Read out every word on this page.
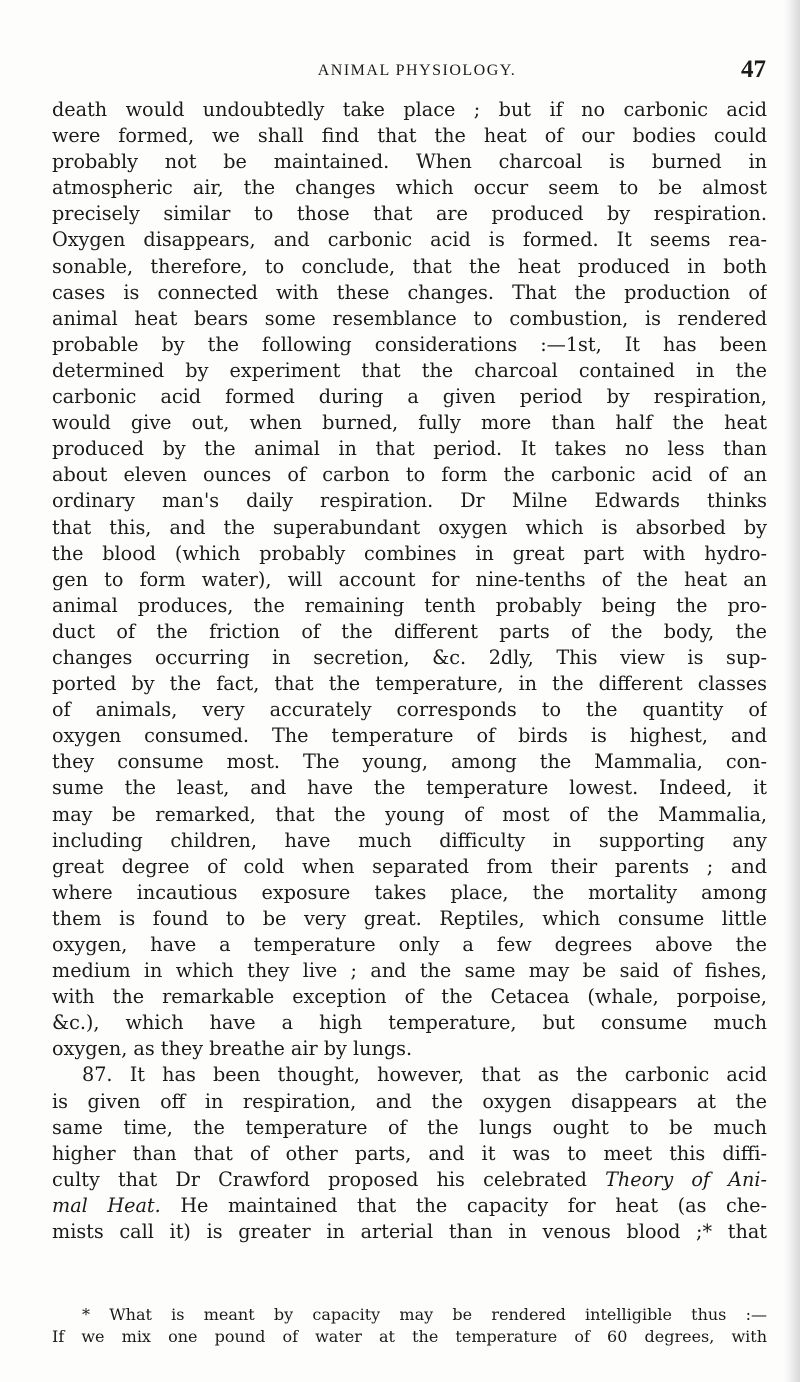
ANIMAL PHYSIOLOGY.	47
death would undoubtedly take place ; but if no carbonic acid
were formed, we shall find that the heat of our bodies could
probably not be maintained. When charcoal is burned in
atmospheric air, the changes which occur seem to be almost
precisely similar to those that are produced by respiration.
Oxygen disappears, and carbonic acid is formed. It seems rea-
sonable, therefore, to conclude, that the heat produced in both
cases is connected with these changes. That the production of
animal heat bears some resemblance to combustion, is rendered
probable by the following considerations :—1st, It has been
determined by experiment that the charcoal contained in the
carbonic acid formed during a given period by respiration,
would give out, when burned, fully more than half the heat
produced by the animal in that period. It takes no less than
about eleven ounces of carbon to form the carbonic acid of an
ordinary man's daily respiration. Dr Milne Edwards thinks
that this, and the superabundant oxygen which is absorbed by
the blood (which probably combines in great part with hydro-
gen to form water), will account for nine-tenths of the heat an
animal produces, the remaining tenth probably being the pro-
duct of the friction of the different parts of the body, the
changes occurring in secretion, &c. 2dly, This view is sup-
ported by the fact, that the temperature, in the different classes
of animals, very accurately corresponds to the quantity of
oxygen consumed. The temperature of birds is highest, and
they consume most. The young, among the Mammalia, con-
sume the least, and have the temperature lowest. Indeed, it
may be remarked, that the young of most of the Mammalia,
including children, have much difficulty in supporting any
great degree of cold when separated from their parents ; and
where incautious exposure takes place, the mortality among
them is found to be very great. Reptiles, which consume little
oxygen, have a temperature only a few degrees above the
medium in which they live ; and the same may be said of fishes,
with the remarkable exception of the Cetacea (whale, porpoise,
&c.), which have a high temperature, but consume much
oxygen, as they breathe air by lungs.
87. It has been thought, however, that as the carbonic acid
is given off in respiration, and the oxygen disappears at the
same time, the temperature of the lungs ought to be much
higher than that of other parts, and it was to meet this diffi-
culty that Dr Crawford proposed his celebrated Theory of Ani-
mal Heat. He maintained that the capacity for heat (as che-
mists call it) is greater in arterial than in venous blood ;* that
* What is meant by capacity may be rendered intelligible thus :—
If we mix one pound of water at the temperature of 60 degrees, with
